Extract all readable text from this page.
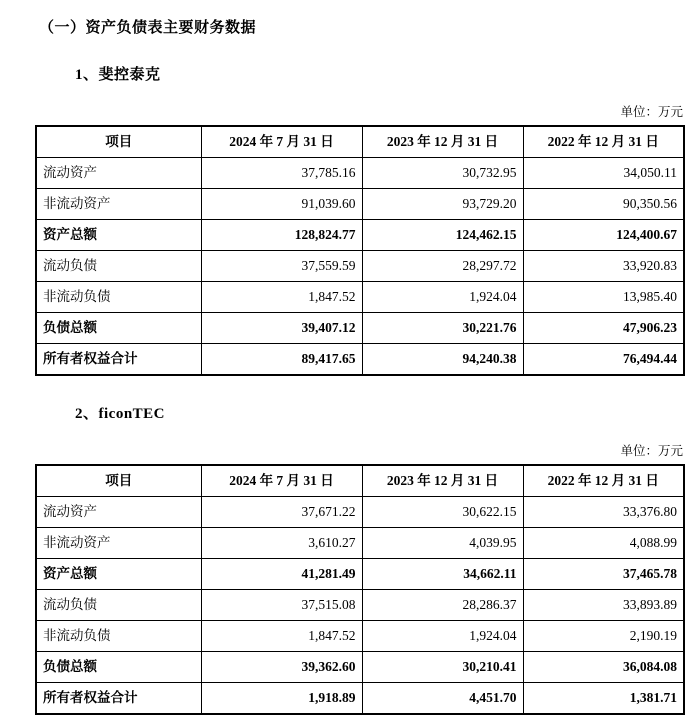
（一）资产负债表主要财务数据
1、斐控泰克
单位：万元
项目	2024 年 7 月 31 日	2023 年 12 月 31 日	2022 年 12 月 31 日
流动资产	37,785.16	30,732.95	34,050.11
非流动资产	91,039.60	93,729.20	90,350.56
资产总额	128,824.77	124,462.15	124,400.67
流动负债	37,559.59	28,297.72	33,920.83
非流动负债	1,847.52	1,924.04	13,985.40
负债总额	39,407.12	30,221.76	47,906.23
所有者权益合计	89,417.65	94,240.38	76,494.44
2、ficonTEC
单位：万元
项目	2024 年 7 月 31 日	2023 年 12 月 31 日	2022 年 12 月 31 日
流动资产	37,671.22	30,622.15	33,376.80
非流动资产	3,610.27	4,039.95	4,088.99
资产总额	41,281.49	34,662.11	37,465.78
流动负债	37,515.08	28,286.37	33,893.89
非流动负债	1,847.52	1,924.04	2,190.19
负债总额	39,362.60	30,210.41	36,084.08
所有者权益合计	1,918.89	4,451.70	1,381.71
